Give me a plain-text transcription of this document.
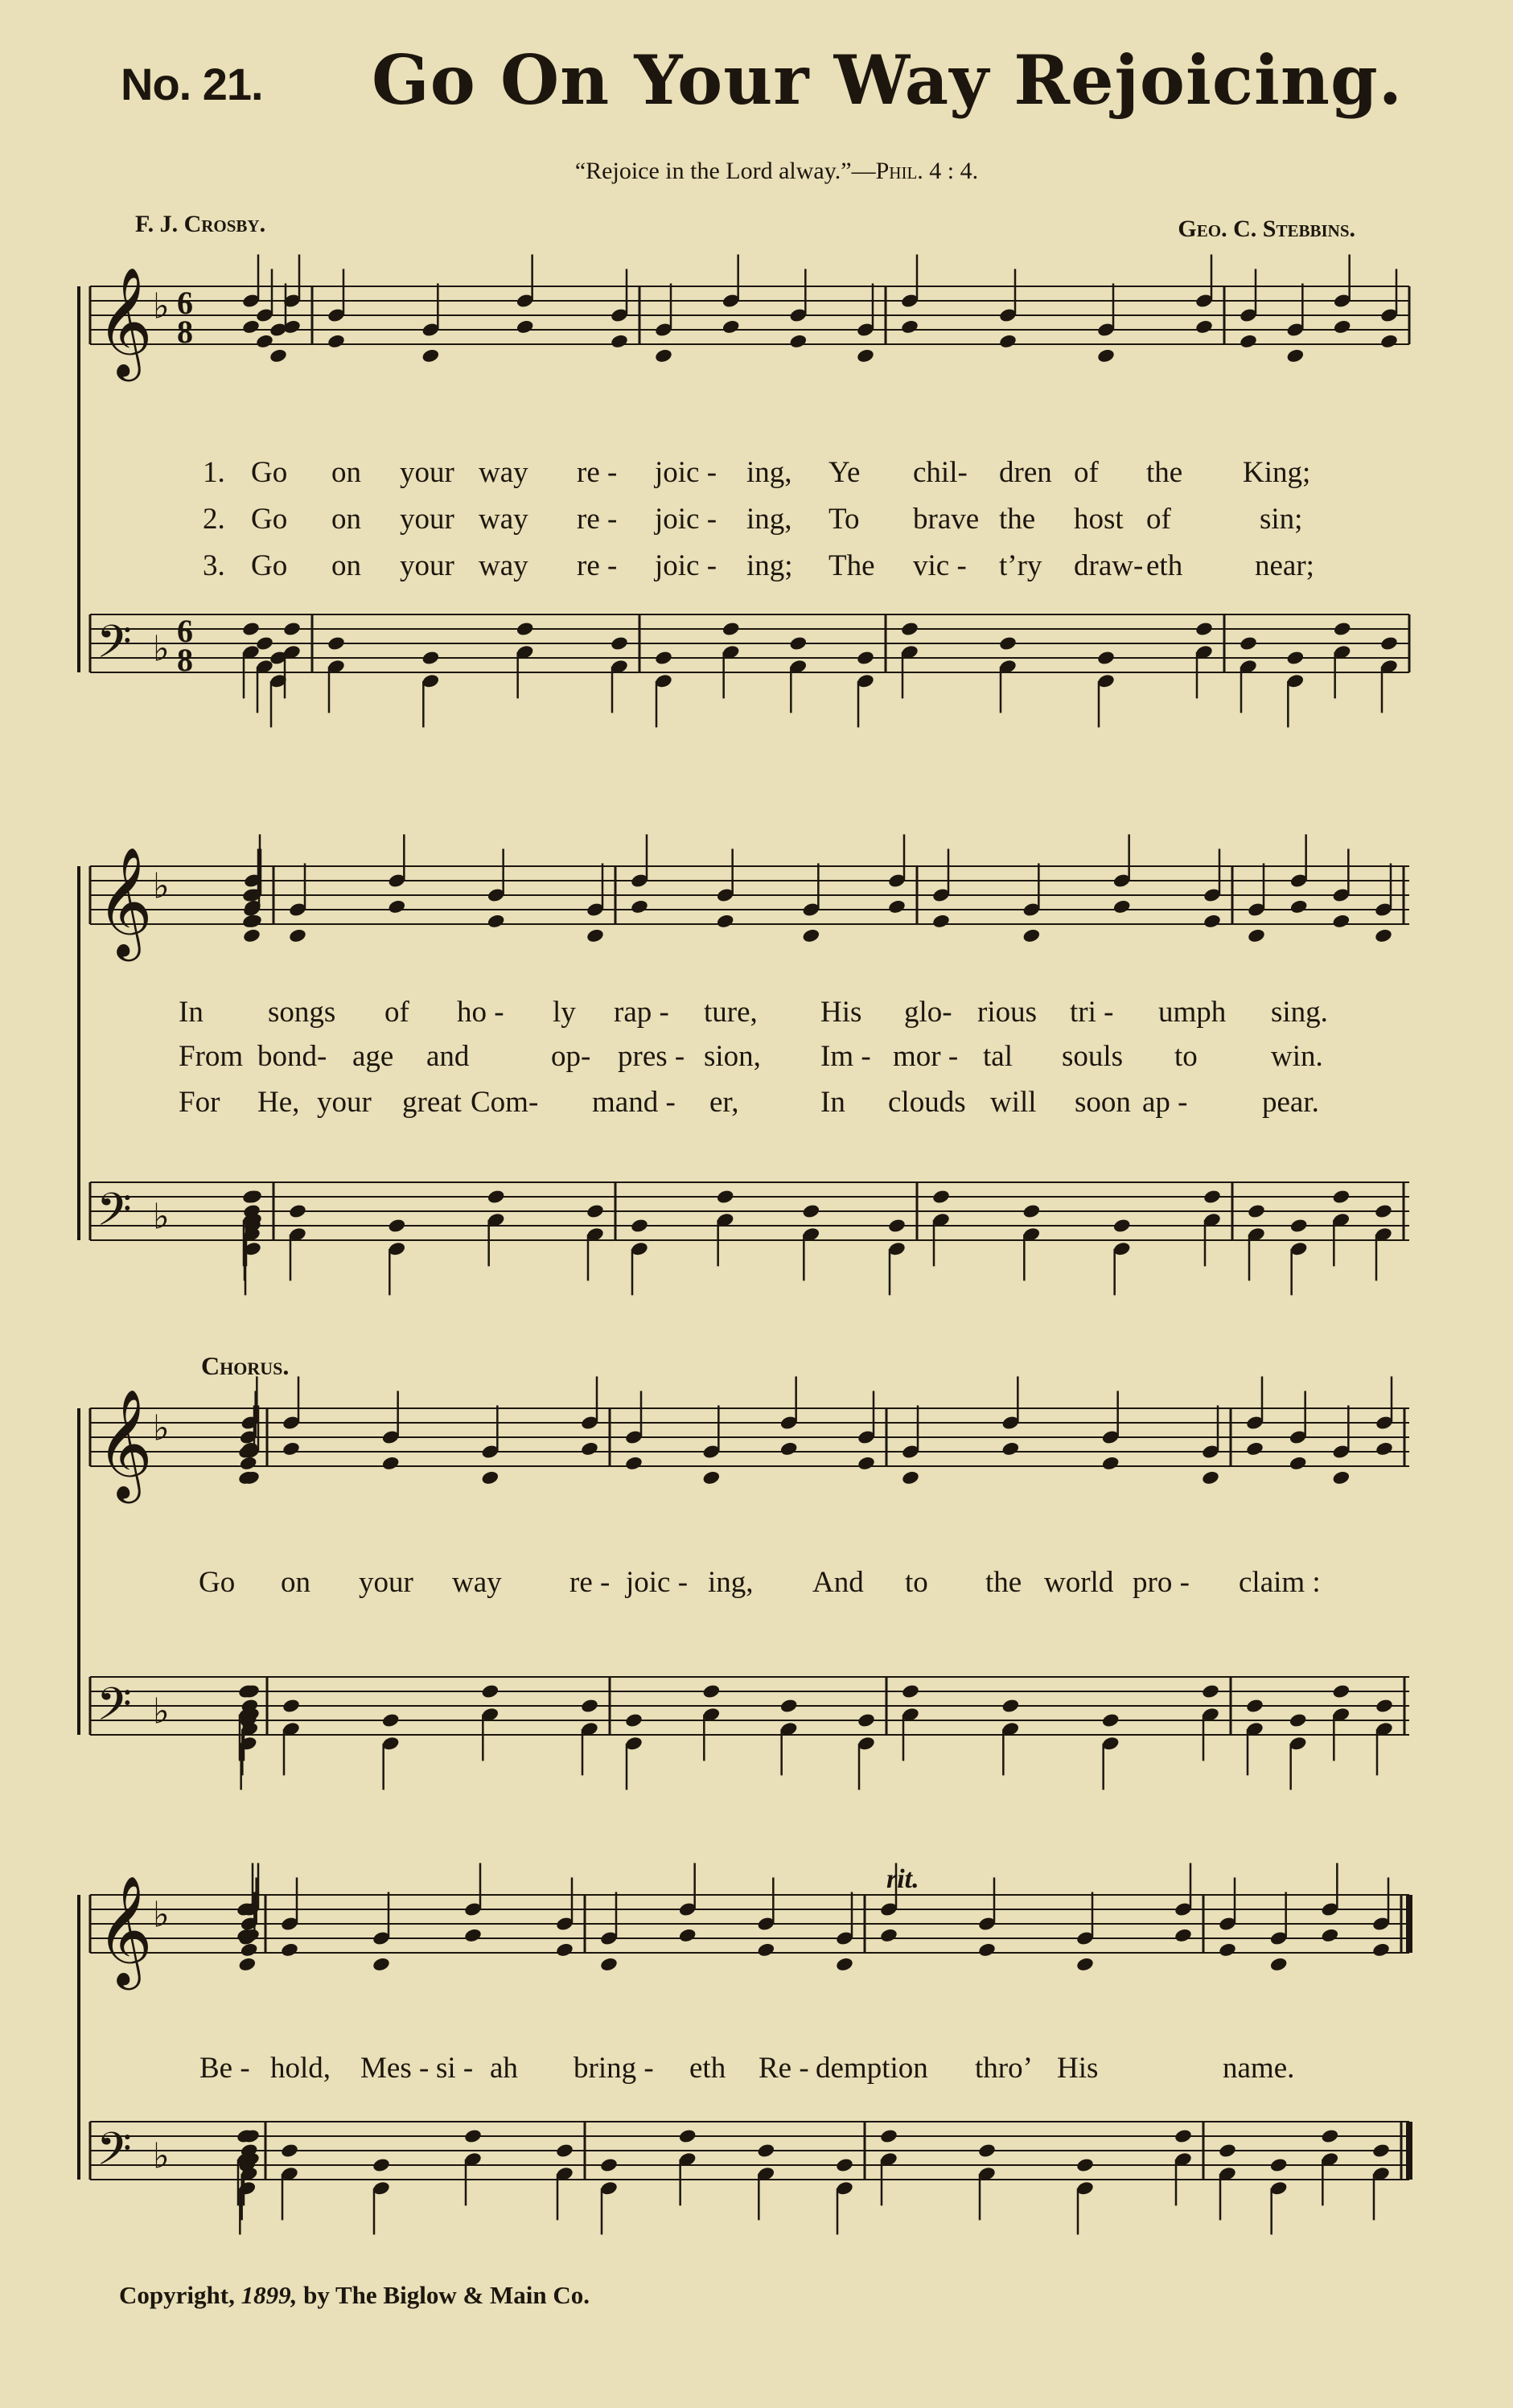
No. 21.	Go On Your Way Rejoicing.
“Rejoice in the Lord alway.”—Phil. 4 : 4.
F. J. Crosby.	Geo. C. Stebbins.
𝄞 ♭ 6
8
𝄢 ♭ 6
8
𝄞 ♭
𝄢 ♭
𝄞 ♭
𝄢 ♭
𝄞 ♭
𝄢 ♭
Chorus.
rit.
1. Go on your way re - joic - ing, Ye chil- dren of the King;
2. Go on your way re - joic - ing, To brave the host of	sin;
3. Go on your way re - joic - ing; The vic - t’ry draw- eth near;
In songs of ho - ly rap - ture, His glo- rious tri - umph sing.
From bond- age and	op- pres - sion, Im - mor - tal souls to win.
For He, your great Com- mand - er,	In clouds will soon ap -	pear.
Go on your way re - joic - ing, And to the world pro - claim :
Be - hold, Mes - si - ah bring - eth Re - demption thro’ His	name.
Copyright, 1899, by The Biglow & Main Co.
